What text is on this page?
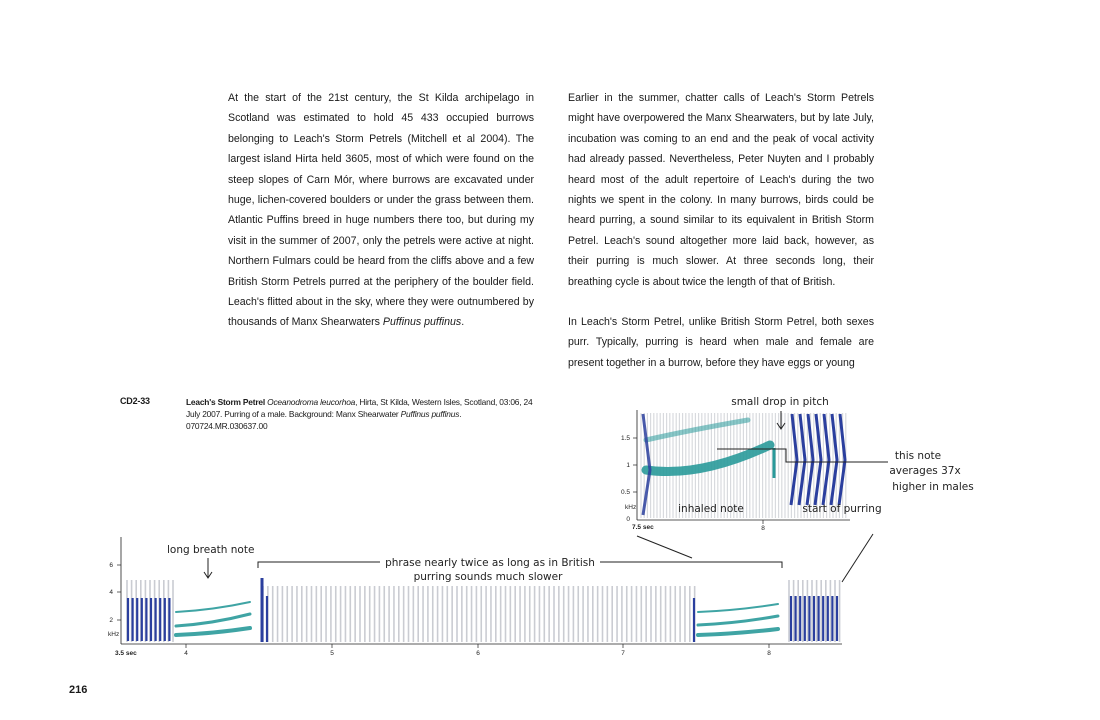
At the start of the 21st century, the St Kilda archipelago in Scotland was estimated to hold 45 433 occupied burrows belonging to Leach's Storm Petrels (Mitchell et al 2004). The largest island Hirta held 3605, most of which were found on the steep slopes of Carn Mór, where burrows are excavated under huge, lichen-covered boulders or under the grass between them. Atlantic Puffins breed in huge numbers there too, but during my visit in the summer of 2007, only the petrels were active at night. Northern Fulmars could be heard from the cliffs above and a few British Storm Petrels purred at the periphery of the boulder field. Leach's flitted about in the sky, where they were outnumbered by thousands of Manx Shearwaters Puffinus puffinus.

Earlier in the summer, chatter calls of Leach's Storm Petrels might have overpowered the Manx Shearwaters, but by late July, incubation was coming to an end and the peak of vocal activity had already passed. Nevertheless, Peter Nuyten and I probably heard most of the adult repertoire of Leach's during the two nights we spent in the colony. In many burrows, birds could be heard purring, a sound similar to its equivalent in British Storm Petrel. Leach's sound altogether more laid back, however, as their purring is much slower. At three seconds long, their breathing cycle is about twice the length of that of British.

In Leach's Storm Petrel, unlike British Storm Petrel, both sexes purr. Typically, purring is heard when male and female are present together in a burrow, before they have eggs or young

CD2-33	Leach's Storm Petrel Oceanodroma leucorhoa, Hirta, St Kilda, Western Isles, Scotland, 03:06, 24 July 2007. Purring of a male. Background: Manx Shearwater Puffinus puffinus. 070724.MR.030637.00
2
4
6
kHz
3.5 sec	4	5	6	7	8
long breath note
phrase nearly twice as long as in British
purring sounds much slower
1.5
1
0.5
kHz
0
7.5 sec	8
small drop in pitch
this note
averages 37x
higher in males
inhaled note	start of purring
216
